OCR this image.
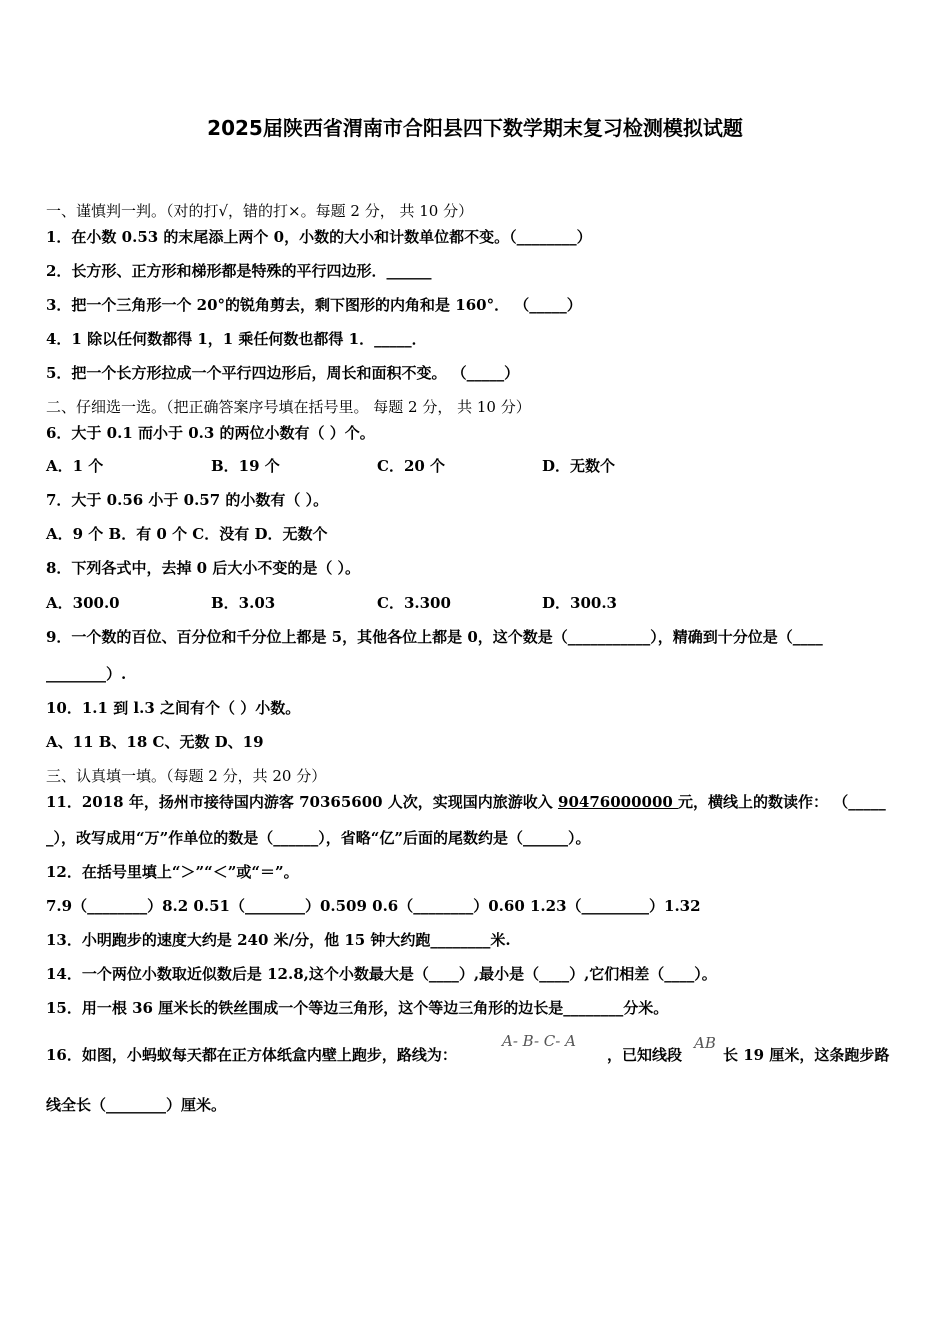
2025届陕西省渭南市合阳县四下数学期末复习检测模拟试题
一、谨慎判一判。（对的打√，错的打×。每题 2 分， 共 10 分）
1．在小数 0.53 的末尾添上两个 0，小数的大小和计数单位都不变。（________）
2．长方形、正方形和梯形都是特殊的平行四边形．______
3．把一个三角形一个 20°的锐角剪去，剩下图形的内角和是 160°． （_____）
4．1 除以任何数都得 1，1 乘任何数也都得 1．_____．
5．把一个长方形拉成一个平行四边形后，周长和面积不变。 （_____）
二、仔细选一选。（把正确答案序号填在括号里。 每题 2 分， 共 10 分）
6．大于 0.1 而小于 0.3 的两位小数有（ ）个。
A．1 个	B．19 个	C．20 个	D．无数个
7．大于 0.56 小于 0.57 的小数有（ ）。
A．9 个 B．有 0 个 C．没有 D．无数个
8．下列各式中，去掉 0 后大小不变的是（ ）。
A．300.0	B．3.03	C．3.300	D．300.3
9．一个数的百位、百分位和千分位上都是 5，其他各位上都是 0，这个数是（___________），精确到十分位是（____
________）.
10．1.1 到 l.3 之间有个（ ）小数。
A、11 B、18 C、无数 D、19
三、认真填一填。（每题 2 分，共 20 分）
11．2018 年，扬州市接待国内游客 70365600 人次，实现国内旅游收入 90476000000 元，横线上的数读作： （_____
_），改写成用“万”作单位的数是（______），省略“亿”后面的尾数约是（______）。
12．在括号里填上“＞”“＜”或“＝”。
7.9（________）8.2 0.51（________）0.509 0.6（________）0.60 1.23（_________）1.32
13．小明跑步的速度大约是 240 米/分，他 15 钟大约跑________米.
14．一个两位小数取近似数后是 12.8,这个小数最大是（____）,最小是（____）,它们相差（____）。
15．用一根 36 厘米长的铁丝围成一个等边三角形，这个等边三角形的边长是________分米。
16．如图，小蚂蚁每天都在正方体纸盒内壁上跑步，路线为：
A- B- C- A
，已知线段
AB
长 19 厘米，这条跑步路
线全长（________）厘米。
